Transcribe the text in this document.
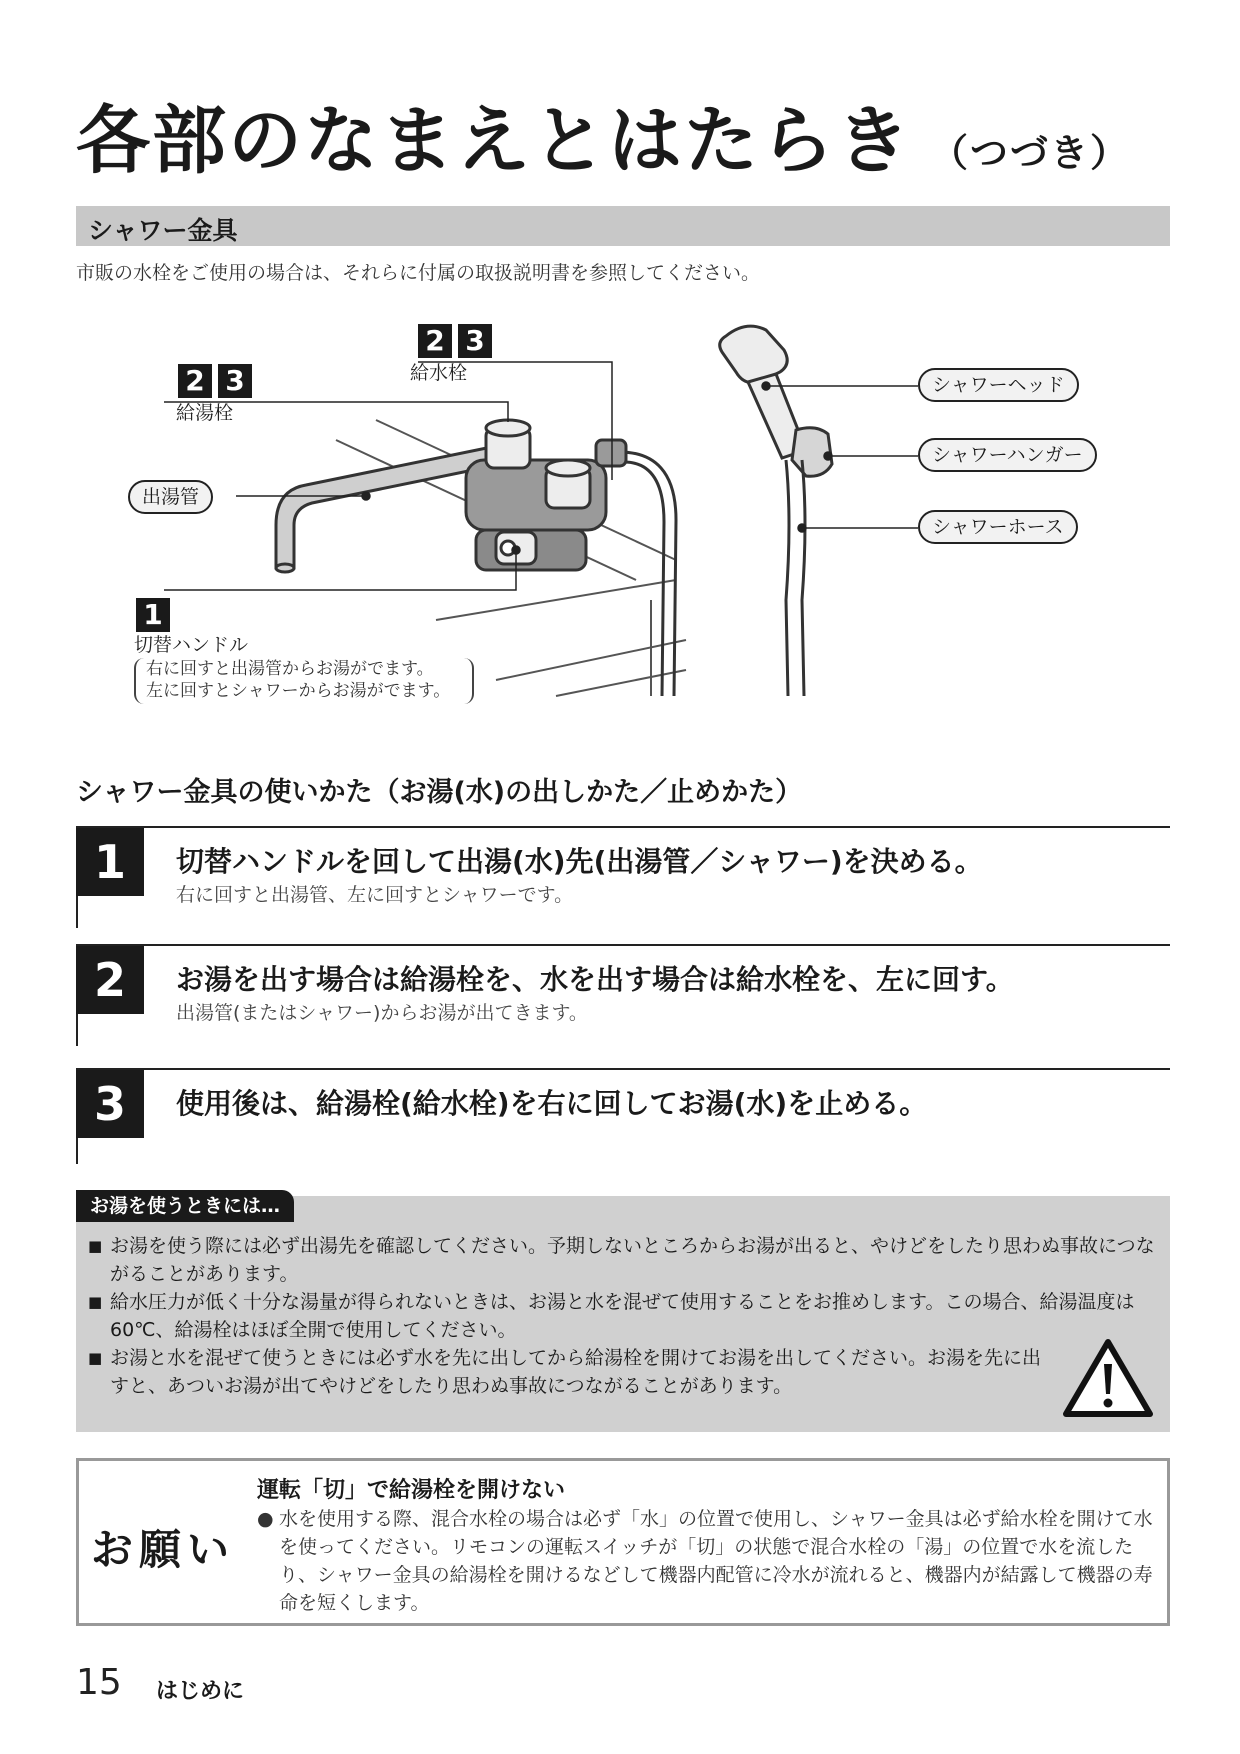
各部のなまえとはたらき （つづき）
シャワー金具
市販の水栓をご使用の場合は、それらに付属の取扱説明書を参照してください。
2 3
給水栓
2 3
給湯栓
出湯管
1
切替ハンドル
シャワーヘッド
シャワーハンガー
シャワーホース
右に回すと出湯管からお湯がでます。
左に回すとシャワーからお湯がでます。
シャワー金具の使いかた（お湯(水)の出しかた／止めかた）
1	切替ハンドルを回して出湯(水)先(出湯管／シャワー)を決める。
右に回すと出湯管、左に回すとシャワーです。
2	お湯を出す場合は給湯栓を、水を出す場合は給水栓を、左に回す。
出湯管(またはシャワー)からお湯が出てきます。
3	使用後は、給湯栓(給水栓)を右に回してお湯(水)を止める。
お湯を使うときには…
■ お湯を使う際には必ず出湯先を確認してください。予期しないところからお湯が出ると、やけどをしたり思わぬ事故につながることがあります。
■ 給水圧力が低く十分な湯量が得られないときは、お湯と水を混ぜて使用することをお推めします。この場合、給湯温度は 60℃、給湯栓はほぼ全開で使用してください。
■ お湯と水を混ぜて使うときには必ず水を先に出してから給湯栓を開けてお湯を出してください。お湯を先に出すと、あついお湯が出てやけどをしたり思わぬ事故につながることがあります。
お願い
運転「切」で給湯栓を開けない
● 水を使用する際、混合水栓の場合は必ず「水」の位置で使用し、シャワー金具は必ず給水栓を開けて水を使ってください。リモコンの運転スイッチが「切」の状態で混合水栓の「湯」の位置で水を流したり、シャワー金具の給湯栓を開けるなどして機器内配管に冷水が流れると、機器内が結露して機器の寿命を短くします。

15 はじめに
